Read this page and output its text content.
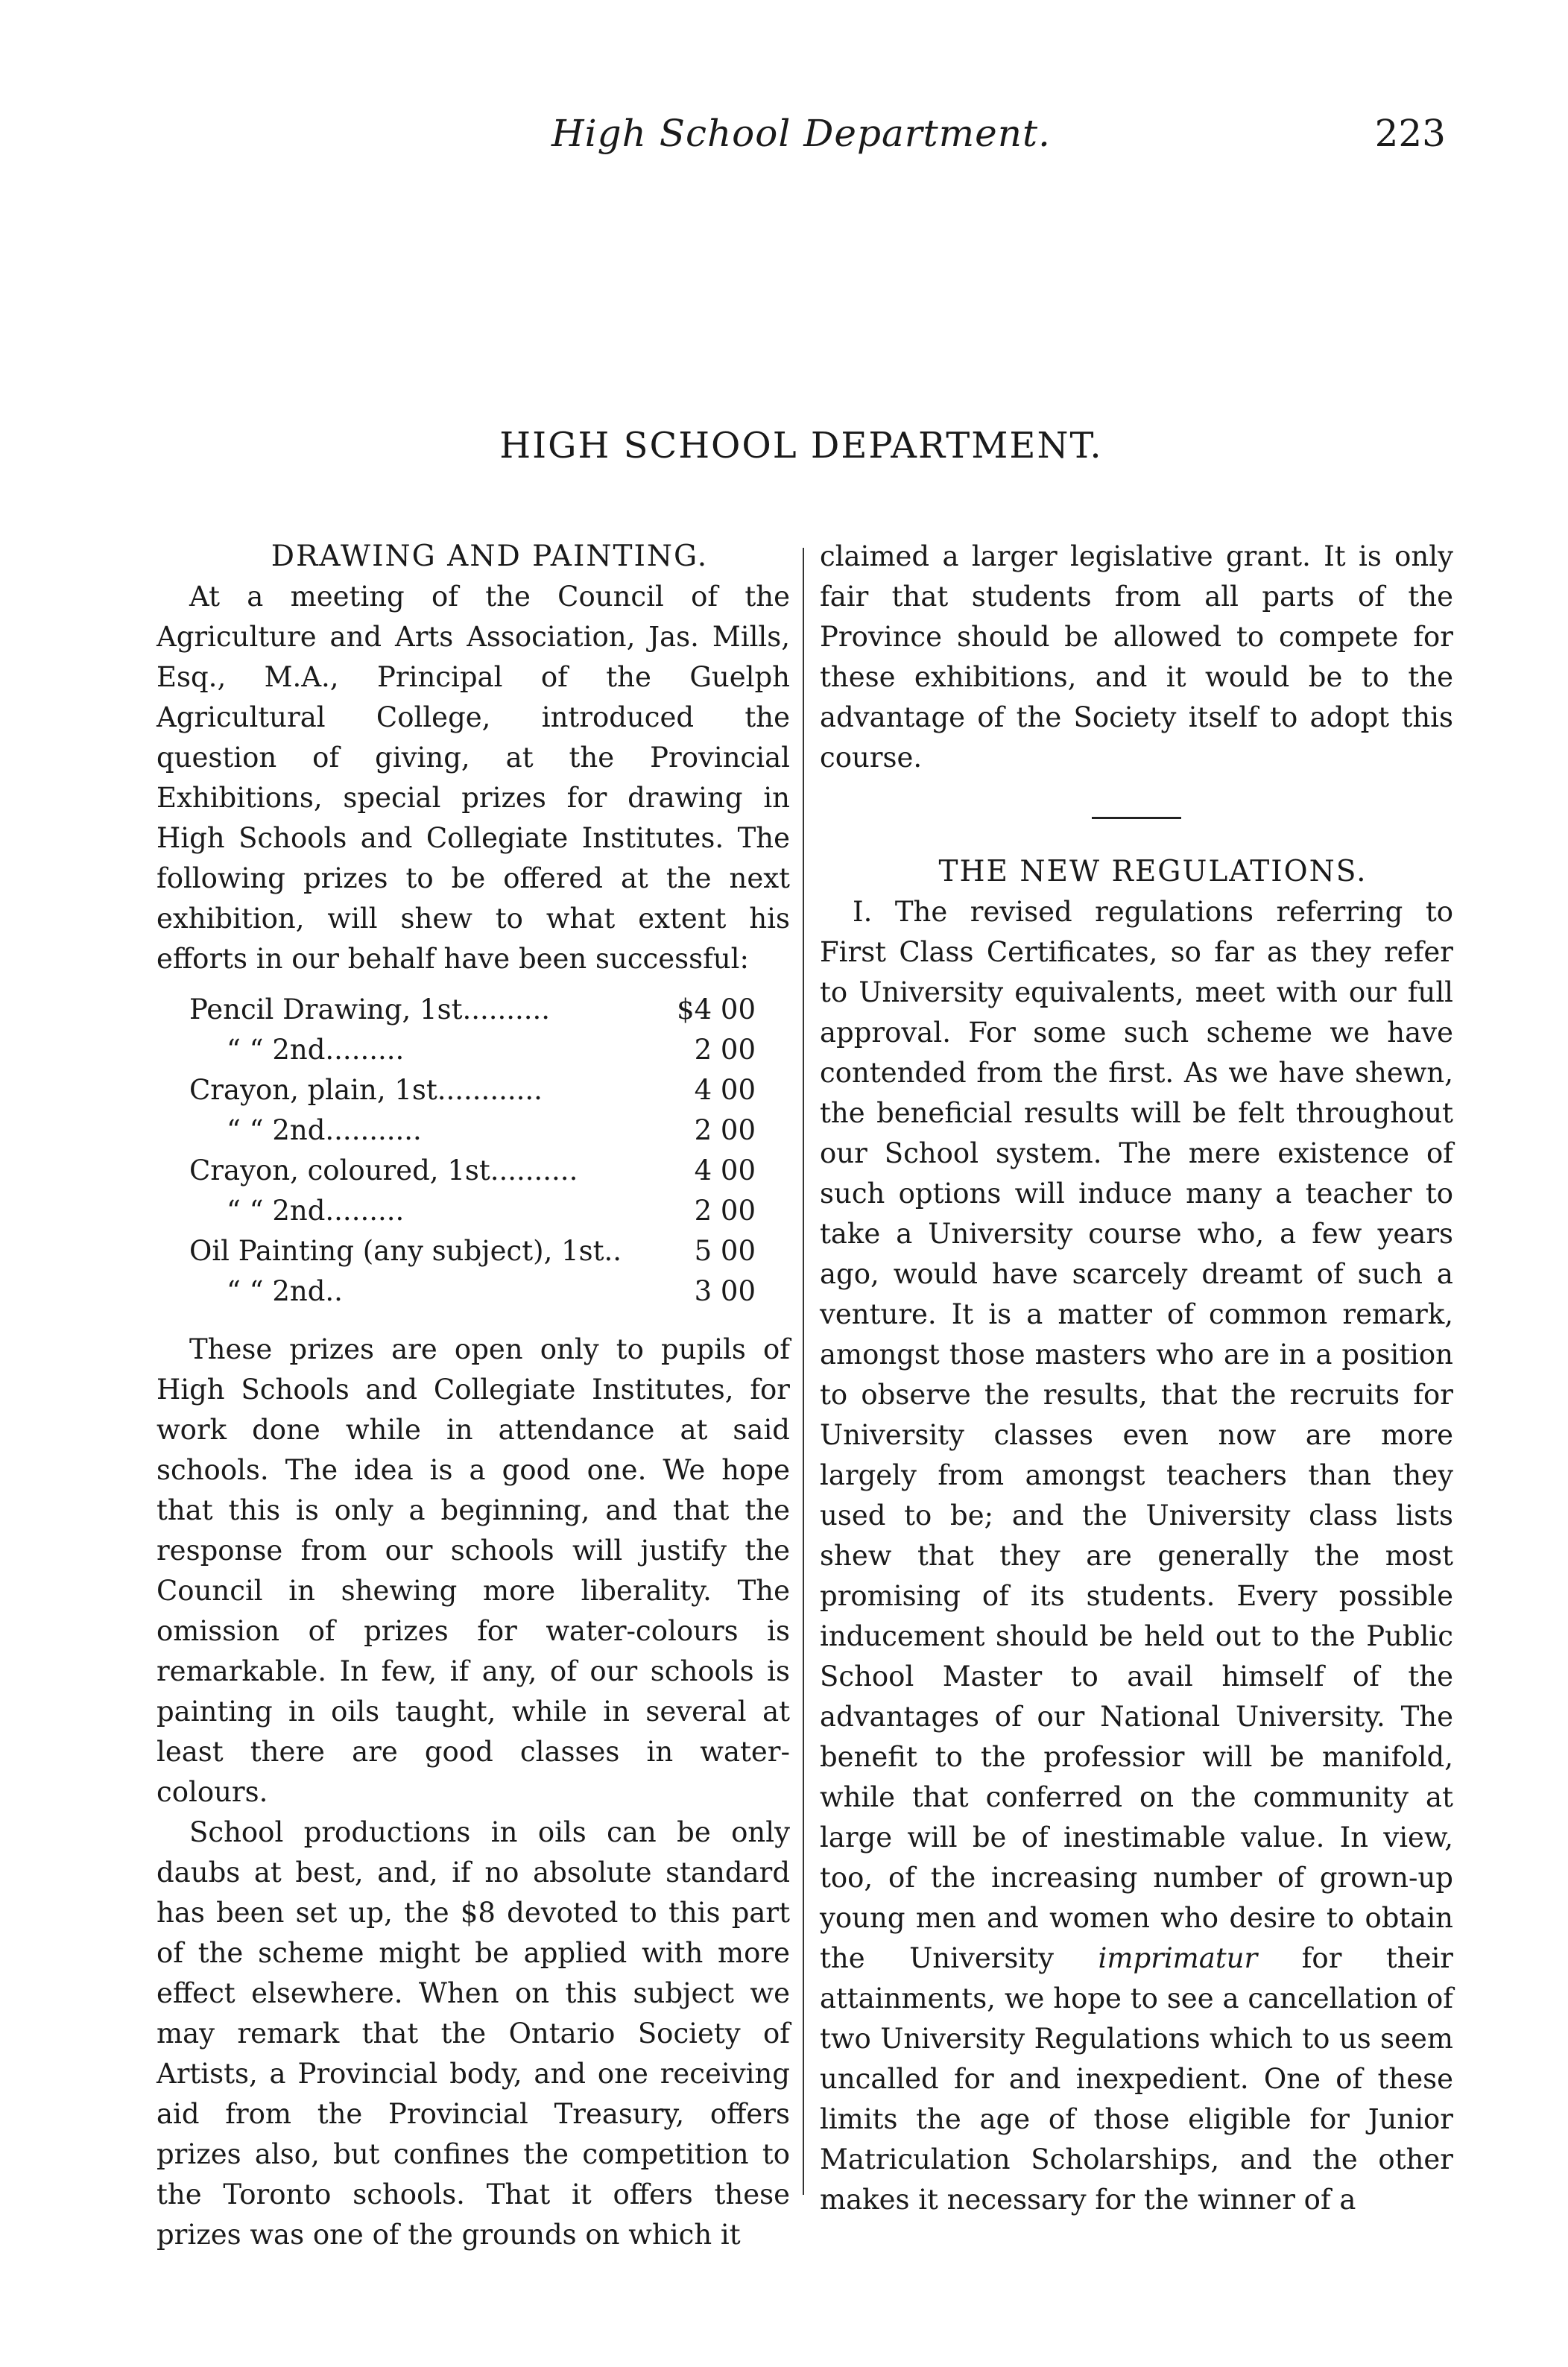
High School Department.	223
HIGH SCHOOL DEPARTMENT.

DRAWING AND PAINTING.

At a meeting of the Council of the Agriculture and Arts Association, Jas. Mills, Esq., M.A., Principal of the Guelph Agricultural College, introduced the question of giving, at the Provincial Exhibitions, special prizes for drawing in High Schools and Collegiate Institutes. The following prizes to be offered at the next exhibition, will shew to what extent his efforts in our behalf have been successful:

Pencil Drawing, 1st..........	$4 00
“ “ 2nd.........	2 00
Crayon, plain, 1st............	4 00
“ “ 2nd...........	2 00
Crayon, coloured, 1st..........	4 00
“ “ 2nd.........	2 00
Oil Painting (any subject), 1st..	5 00
“ “ 2nd..	3 00

These prizes are open only to pupils of High Schools and Collegiate Institutes, for work done while in attendance at said schools. The idea is a good one. We hope that this is only a beginning, and that the response from our schools will justify the Council in shewing more liberality. The omission of prizes for water-colours is remarkable. In few, if any, of our schools is painting in oils taught, while in several at least there are good classes in water-colours.

School productions in oils can be only daubs at best, and, if no absolute standard has been set up, the $8 devoted to this part of the scheme might be applied with more effect elsewhere. When on this subject we may remark that the Ontario Society of Artists, a Provincial body, and one receiving aid from the Provincial Treasury, offers prizes also, but confines the competition to the Toronto schools. That it offers these prizes was one of the grounds on which it

claimed a larger legislative grant. It is only fair that students from all parts of the Province should be allowed to compete for these exhibitions, and it would be to the advantage of the Society itself to adopt this course.

THE NEW REGULATIONS.

I. The revised regulations referring to First Class Certificates, so far as they refer to University equivalents, meet with our full approval. For some such scheme we have contended from the first. As we have shewn, the beneficial results will be felt throughout our School system. The mere existence of such options will induce many a teacher to take a University course who, a few years ago, would have scarcely dreamt of such a venture. It is a matter of common remark, amongst those masters who are in a position to observe the results, that the recruits for University classes even now are more largely from amongst teachers than they used to be; and the University class lists shew that they are generally the most promising of its students. Every possible inducement should be held out to the Public School Master to avail himself of the advantages of our National University. The benefit to the professior will be manifold, while that conferred on the community at large will be of inestimable value. In view, too, of the increasing number of grown-up young men and women who desire to obtain the University imprimatur for their attainments, we hope to see a cancellation of two University Regulations which to us seem uncalled for and inexpedient. One of these limits the age of those eligible for Junior Matriculation Scholarships, and the other makes it necessary for the winner of a
